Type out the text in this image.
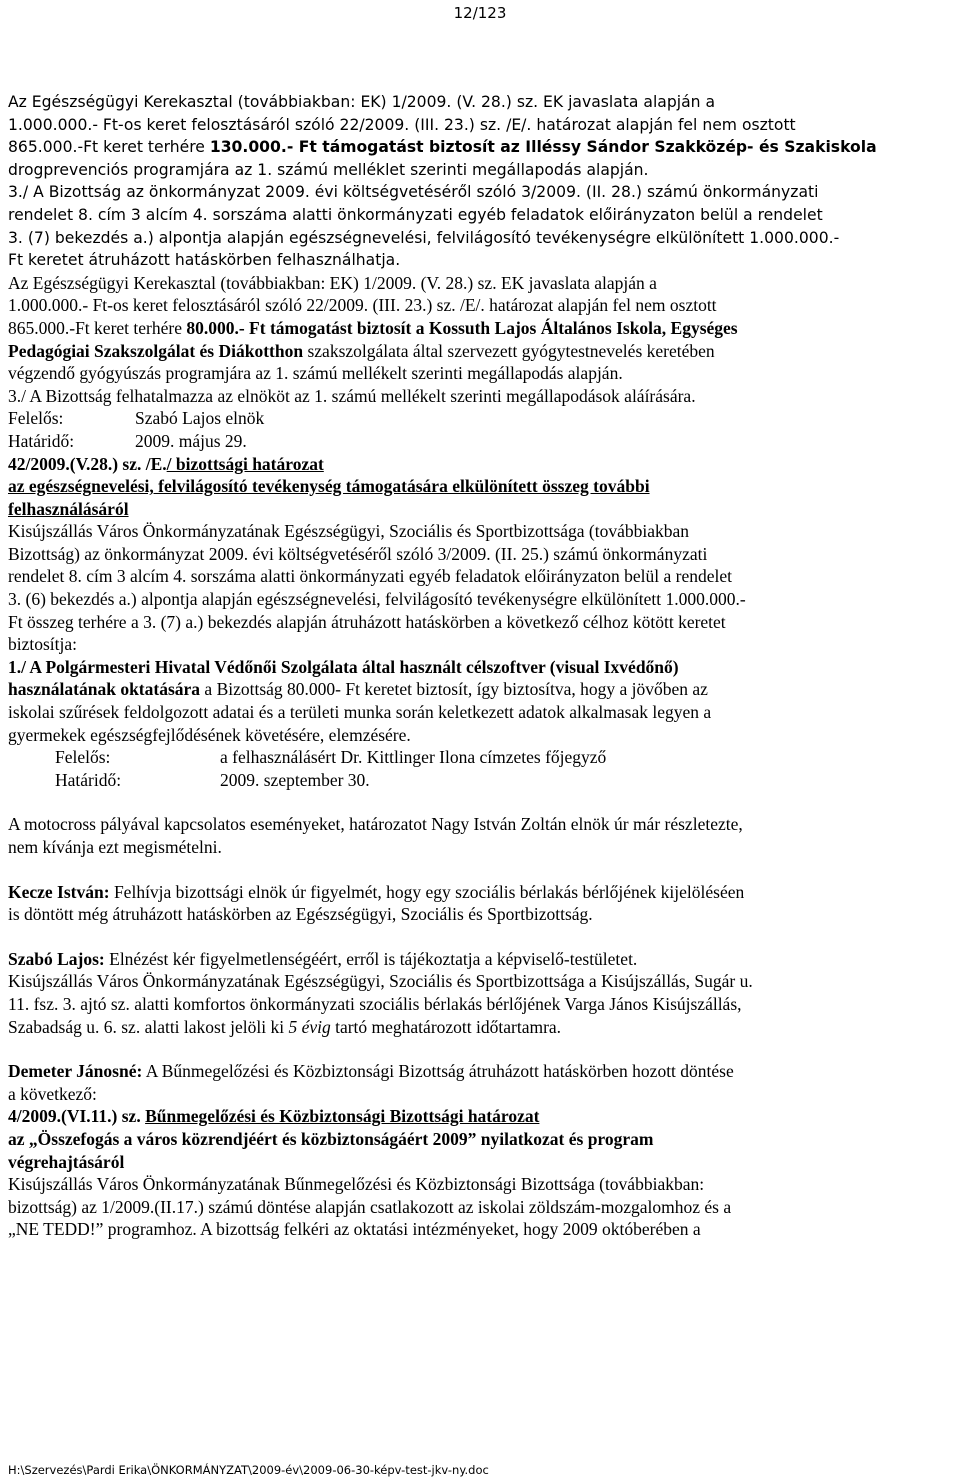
12/123

Az Egészségügyi Kerekasztal (továbbiakban: EK) 1/2009. (V. 28.) sz. EK javaslata alapján a

1.000.000.- Ft-os keret felosztásáról szóló 22/2009. (III. 23.) sz. /E/. határozat alapján fel nem osztott

865.000.-Ft keret terhére 130.000.- Ft támogatást biztosít az Illéssy Sándor Szakközép- és Szakiskola

drogprevenciós programjára az 1. számú melléklet szerinti megállapodás alapján.

3./ A Bizottság az önkormányzat 2009. évi költségvetéséről szóló 3/2009. (II. 28.) számú önkormányzati

rendelet 8. cím 3 alcím 4. sorszáma alatti önkormányzati egyéb feladatok előirányzaton belül a rendelet

3. (7) bekezdés a.) alpontja alapján egészségnevelési, felvilágosító tevékenységre elkülönített 1.000.000.-

Ft keretet átruházott hatáskörben felhasználhatja.

Az Egészségügyi Kerekasztal (továbbiakban: EK) 1/2009. (V. 28.) sz. EK javaslata alapján a

1.000.000.- Ft-os keret felosztásáról szóló 22/2009. (III. 23.) sz. /E/. határozat alapján fel nem osztott

865.000.-Ft keret terhére 80.000.- Ft támogatást biztosít a Kossuth Lajos Általános Iskola, Egységes

Pedagógiai Szakszolgálat és Diákotthon szakszolgálata által szervezett gyógytestnevelés keretében

végzendő gyógyúszás programjára az 1. számú mellékelt szerinti megállapodás alapján.

3./ A Bizottság felhatalmazza az elnököt az 1. számú mellékelt szerinti megállapodások aláírására.

Felelős:	Szabó Lajos elnök
Határidő:	2009. május 29.

42/2009.(V.28.) sz. /E./ bizottsági határozat

az egészségnevelési, felvilágosító tevékenység támogatására elkülönített összeg további

felhasználásáról

Kisújszállás Város Önkormányzatának Egészségügyi, Szociális és Sportbizottsága (továbbiakban

Bizottság) az önkormányzat 2009. évi költségvetéséről szóló 3/2009. (II. 25.) számú önkormányzati

rendelet 8. cím 3 alcím 4. sorszáma alatti önkormányzati egyéb feladatok előirányzaton belül a rendelet

3. (6) bekezdés a.) alpontja alapján egészségnevelési, felvilágosító tevékenységre elkülönített 1.000.000.-

Ft összeg terhére a 3. (7) a.) bekezdés alapján átruházott hatáskörben a következő célhoz kötött keretet

biztosítja:

1./ A Polgármesteri Hivatal Védőnői Szolgálata által használt célszoftver (visual Ixvédőnő)

használatának oktatására a Bizottság 80.000- Ft keretet biztosít, így biztosítva, hogy a jövőben az

iskolai szűrések feldolgozott adatai és a területi munka során keletkezett adatok alkalmasak legyen a

gyermekek egészségfejlődésének követésére, elemzésére.

Felelős:	a felhasználásért Dr. Kittlinger Ilona címzetes főjegyző
Határidő:	2009. szeptember 30.

A motocross pályával kapcsolatos eseményeket, határozatot Nagy István Zoltán elnök úr már részletezte,

nem kívánja ezt megismételni.

Kecze István: Felhívja bizottsági elnök úr figyelmét, hogy egy szociális bérlakás bérlőjének kijelöléséen

is döntött még átruházott hatáskörben az Egészségügyi, Szociális és Sportbizottság.

Szabó Lajos: Elnézést kér figyelmetlenségéért, erről is tájékoztatja a képviselő-testületet.

Kisújszállás Város Önkormányzatának Egészségügyi, Szociális és Sportbizottsága a Kisújszállás, Sugár u.

11. fsz. 3. ajtó sz. alatti komfortos önkormányzati szociális bérlakás bérlőjének Varga János Kisújszállás,

Szabadság u. 6. sz. alatti lakost jelöli ki 5 évig tartó meghatározott időtartamra.

Demeter Jánosné: A Bűnmegelőzési és Közbiztonsági Bizottság átruházott hatáskörben hozott döntése

a következő:

4/2009.(VI.11.) sz. Bűnmegelőzési és Közbiztonsági Bizottsági határozat

az „Összefogás a város közrendjéért és közbiztonságáért 2009” nyilatkozat és program

végrehajtásáról

Kisújszállás Város Önkormányzatának Bűnmegelőzési és Közbiztonsági Bizottsága (továbbiakban:

bizottság) az 1/2009.(II.17.) számú döntése alapján csatlakozott az iskolai zöldszám-mozgalomhoz és a

„NE TEDD!” programhoz. A bizottság felkéri az oktatási intézményeket, hogy 2009 októberében a

H:\Szervezés\Pardi Erika\ÖNKORMÁNYZAT\2009-év\2009-06-30-képv-test-jkv-ny.doc
